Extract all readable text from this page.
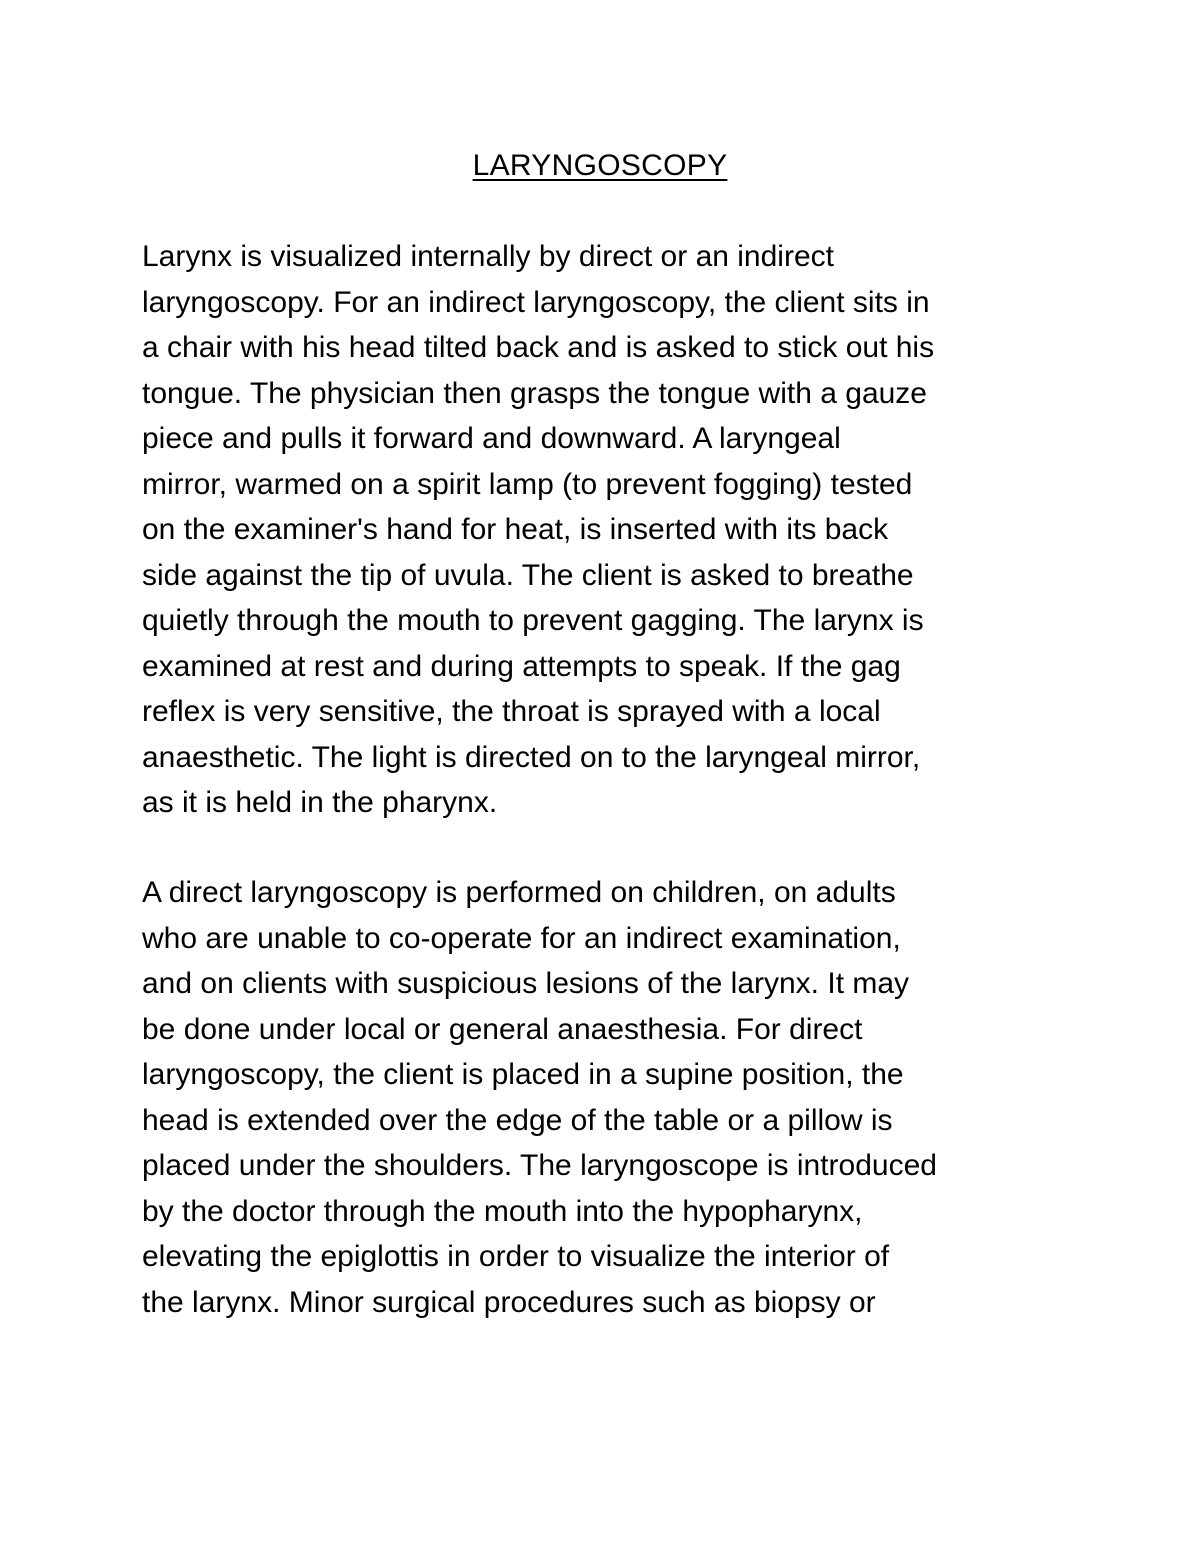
LARYNGOSCOPY

Larynx is visualized internally by direct or an indirect
laryngoscopy. For an indirect laryngoscopy, the client sits in
a chair with his head tilted back and is asked to stick out his
tongue. The physician then grasps the tongue with a gauze
piece and pulls it forward and downward. A laryngeal
mirror, warmed on a spirit lamp (to prevent fogging) tested
on the examiner's hand for heat, is inserted with its back
side against the tip of uvula. The client is asked to breathe
quietly through the mouth to prevent gagging. The larynx is
examined at rest and during attempts to speak. If the gag
reflex is very sensitive, the throat is sprayed with a local
anaesthetic. The light is directed on to the laryngeal mirror,
as it is held in the pharynx.

A direct laryngoscopy is performed on children, on adults
who are unable to co-operate for an indirect examination,
and on clients with suspicious lesions of the larynx. It may
be done under local or general anaesthesia. For direct
laryngoscopy, the client is placed in a supine position, the
head is extended over the edge of the table or a pillow is
placed under the shoulders. The laryngoscope is introduced
by the doctor through the mouth into the hypopharynx,
elevating the epiglottis in order to visualize the interior of
the larynx. Minor surgical procedures such as biopsy or
